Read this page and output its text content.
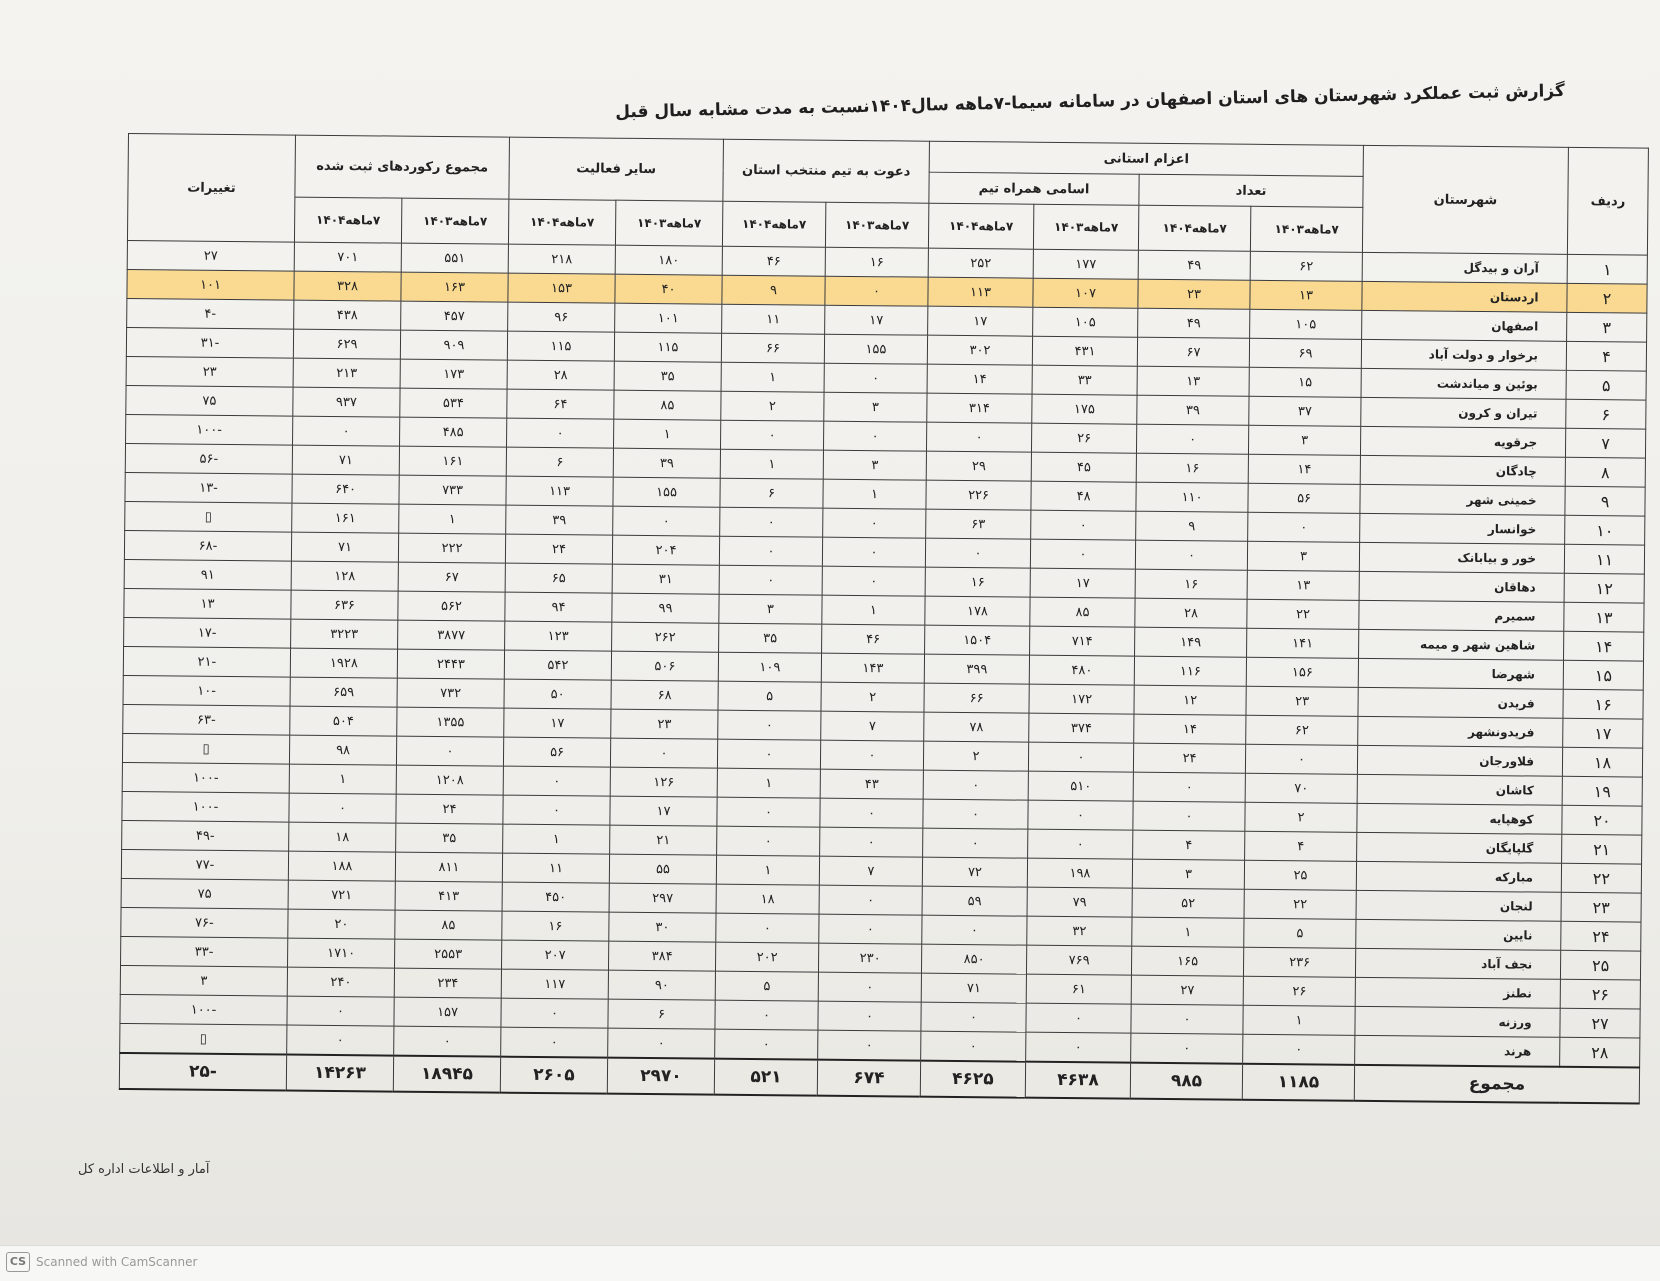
گزارش ثبت عملکرد شهرستان های استان اصفهان در سامانه سیما-۷ماهه سال۱۴۰۴نسبت به مدت مشابه سال قبل
ردیف	شهرستان	اعزام استانی				دعوت به تیم منتخب استان		سایر فعالیت		مجموع رکوردهای ثبت شده		تغییرات
		تعداد		اسامی همراه تیم								
		۷ماهه۱۴۰۳	۷ماهه۱۴۰۴	۷ماهه۱۴۰۳	۷ماهه۱۴۰۴	۷ماهه۱۴۰۳	۷ماهه۱۴۰۴	۷ماهه۱۴۰۳	۷ماهه۱۴۰۴	۷ماهه۱۴۰۳	۷ماهه۱۴۰۴	
۱	آران و بیدگل	۶۲	۴۹	۱۷۷	۲۵۲	۱۶	۴۶	۱۸۰	۲۱۸	۵۵۱	۷۰۱	۲۷
۲	اردستان	۱۳	۲۳	۱۰۷	۱۱۳	۰	۹	۴۰	۱۵۳	۱۶۳	۳۲۸	۱۰۱
۳	اصفهان	۱۰۵	۴۹	۱۰۵	۱۷	۱۷	۱۱	۱۰۱	۹۶	۴۵۷	۴۳۸	-۴
۴	برخوار و دولت آباد	۶۹	۶۷	۴۳۱	۳۰۲	۱۵۵	۶۶	۱۱۵	۱۱۵	۹۰۹	۶۲۹	-۳۱
۵	بوئین و میاندشت	۱۵	۱۳	۳۳	۱۴	۰	۱	۳۵	۲۸	۱۷۳	۲۱۳	۲۳
۶	تیران و کرون	۳۷	۳۹	۱۷۵	۳۱۴	۳	۲	۸۵	۶۴	۵۳۴	۹۳۷	۷۵
۷	جرقویه	۳	۰	۲۶	۰	۰	۰	۱	۰	۴۸۵	۰	-۱۰۰
۸	چادگان	۱۴	۱۶	۴۵	۲۹	۳	۱	۳۹	۶	۱۶۱	۷۱	-۵۶
۹	خمینی شهر	۵۶	۱۱۰	۴۸	۲۲۶	۱	۶	۱۵۵	۱۱۳	۷۳۳	۶۴۰	-۱۳
۱۰	خوانسار	۰	۹	۰	۶۳	۰	۰	۰	۳۹	۱	۱۶۱	▯
۱۱	خور و بیابانک	۳	۰	۰	۰	۰	۰	۲۰۴	۲۴	۲۲۲	۷۱	-۶۸
۱۲	دهاقان	۱۳	۱۶	۱۷	۱۶	۰	۰	۳۱	۶۵	۶۷	۱۲۸	۹۱
۱۳	سمیرم	۲۲	۲۸	۸۵	۱۷۸	۱	۳	۹۹	۹۴	۵۶۲	۶۳۶	۱۳
۱۴	شاهین شهر و میمه	۱۴۱	۱۴۹	۷۱۴	۱۵۰۴	۴۶	۳۵	۲۶۲	۱۲۳	۳۸۷۷	۳۲۲۳	-۱۷
۱۵	شهرضا	۱۵۶	۱۱۶	۴۸۰	۳۹۹	۱۴۳	۱۰۹	۵۰۶	۵۴۲	۲۴۴۳	۱۹۲۸	-۲۱
۱۶	فریدن	۲۳	۱۲	۱۷۲	۶۶	۲	۵	۶۸	۵۰	۷۳۲	۶۵۹	-۱۰
۱۷	فریدونشهر	۶۲	۱۴	۳۷۴	۷۸	۷	۰	۲۳	۱۷	۱۳۵۵	۵۰۴	-۶۳
۱۸	فلاورجان	۰	۲۴	۰	۲	۰	۰	۰	۵۶	۰	۹۸	▯
۱۹	کاشان	۷۰	۰	۵۱۰	۰	۴۳	۱	۱۲۶	۰	۱۲۰۸	۱	-۱۰۰
۲۰	کوهپایه	۲	۰	۰	۰	۰	۰	۱۷	۰	۲۴	۰	-۱۰۰
۲۱	گلپایگان	۴	۴	۰	۰	۰	۰	۲۱	۱	۳۵	۱۸	-۴۹
۲۲	مبارکه	۲۵	۳	۱۹۸	۷۲	۷	۱	۵۵	۱۱	۸۱۱	۱۸۸	-۷۷
۲۳	لنجان	۲۲	۵۲	۷۹	۵۹	۰	۱۸	۲۹۷	۴۵۰	۴۱۳	۷۲۱	۷۵
۲۴	نایین	۵	۱	۳۲	۰	۰	۰	۳۰	۱۶	۸۵	۲۰	-۷۶
۲۵	نجف آباد	۲۳۶	۱۶۵	۷۶۹	۸۵۰	۲۳۰	۲۰۲	۳۸۴	۲۰۷	۲۵۵۳	۱۷۱۰	-۳۳
۲۶	نطنز	۲۶	۲۷	۶۱	۷۱	۰	۵	۹۰	۱۱۷	۲۳۴	۲۴۰	۳
۲۷	ورزنه	۱	۰	۰	۰	۰	۰	۶	۰	۱۵۷	۰	-۱۰۰
۲۸	هرند	۰	۰	۰	۰	۰	۰	۰	۰	۰	۰	▯
مجموع		۱۱۸۵	۹۸۵	۴۶۳۸	۴۶۲۵	۶۷۴	۵۲۱	۲۹۷۰	۲۶۰۵	۱۸۹۴۵	۱۴۲۶۳	-۲۵
آمار و اطلاعات اداره کل
CS Scanned with CamScanner
